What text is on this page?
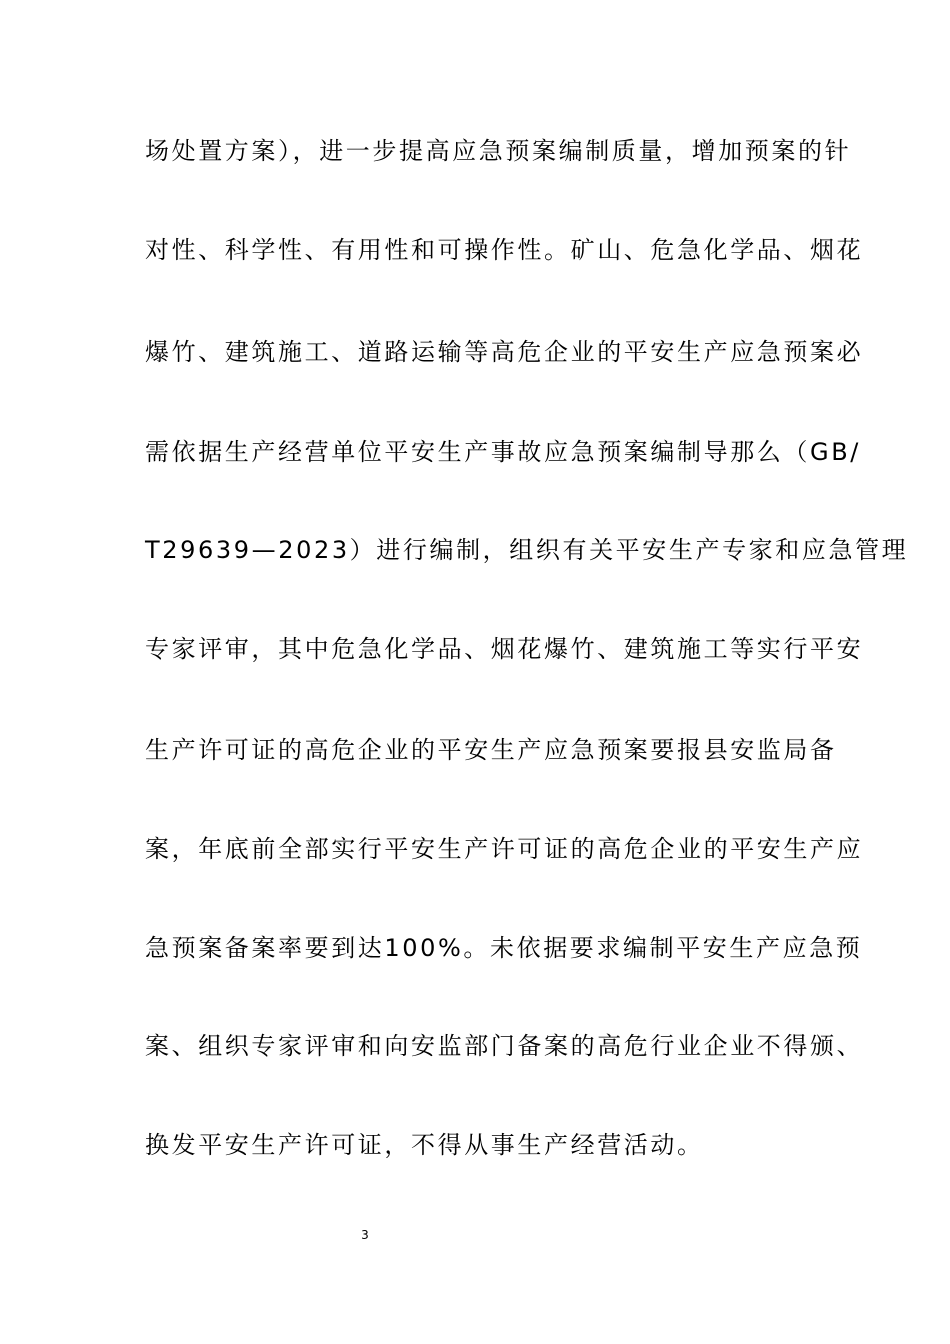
场处置方案），进一步提高应急预案编制质量，增加预案的针
对性、科学性、有用性和可操作性。矿山、危急化学品、烟花
爆竹、建筑施工、道路运输等高危企业的平安生产应急预案必
需依据生产经营单位平安生产事故应急预案编制导那么（GB/
T29639—2023）进行编制，组织有关平安生产专家和应急管理
专家评审，其中危急化学品、烟花爆竹、建筑施工等实行平安
生产许可证的高危企业的平安生产应急预案要报县安监局备
案，年底前全部实行平安生产许可证的高危企业的平安生产应
急预案备案率要到达100%。未依据要求编制平安生产应急预
案、组织专家评审和向安监部门备案的高危行业企业不得颁、
换发平安生产许可证，不得从事生产经营活动。
3
